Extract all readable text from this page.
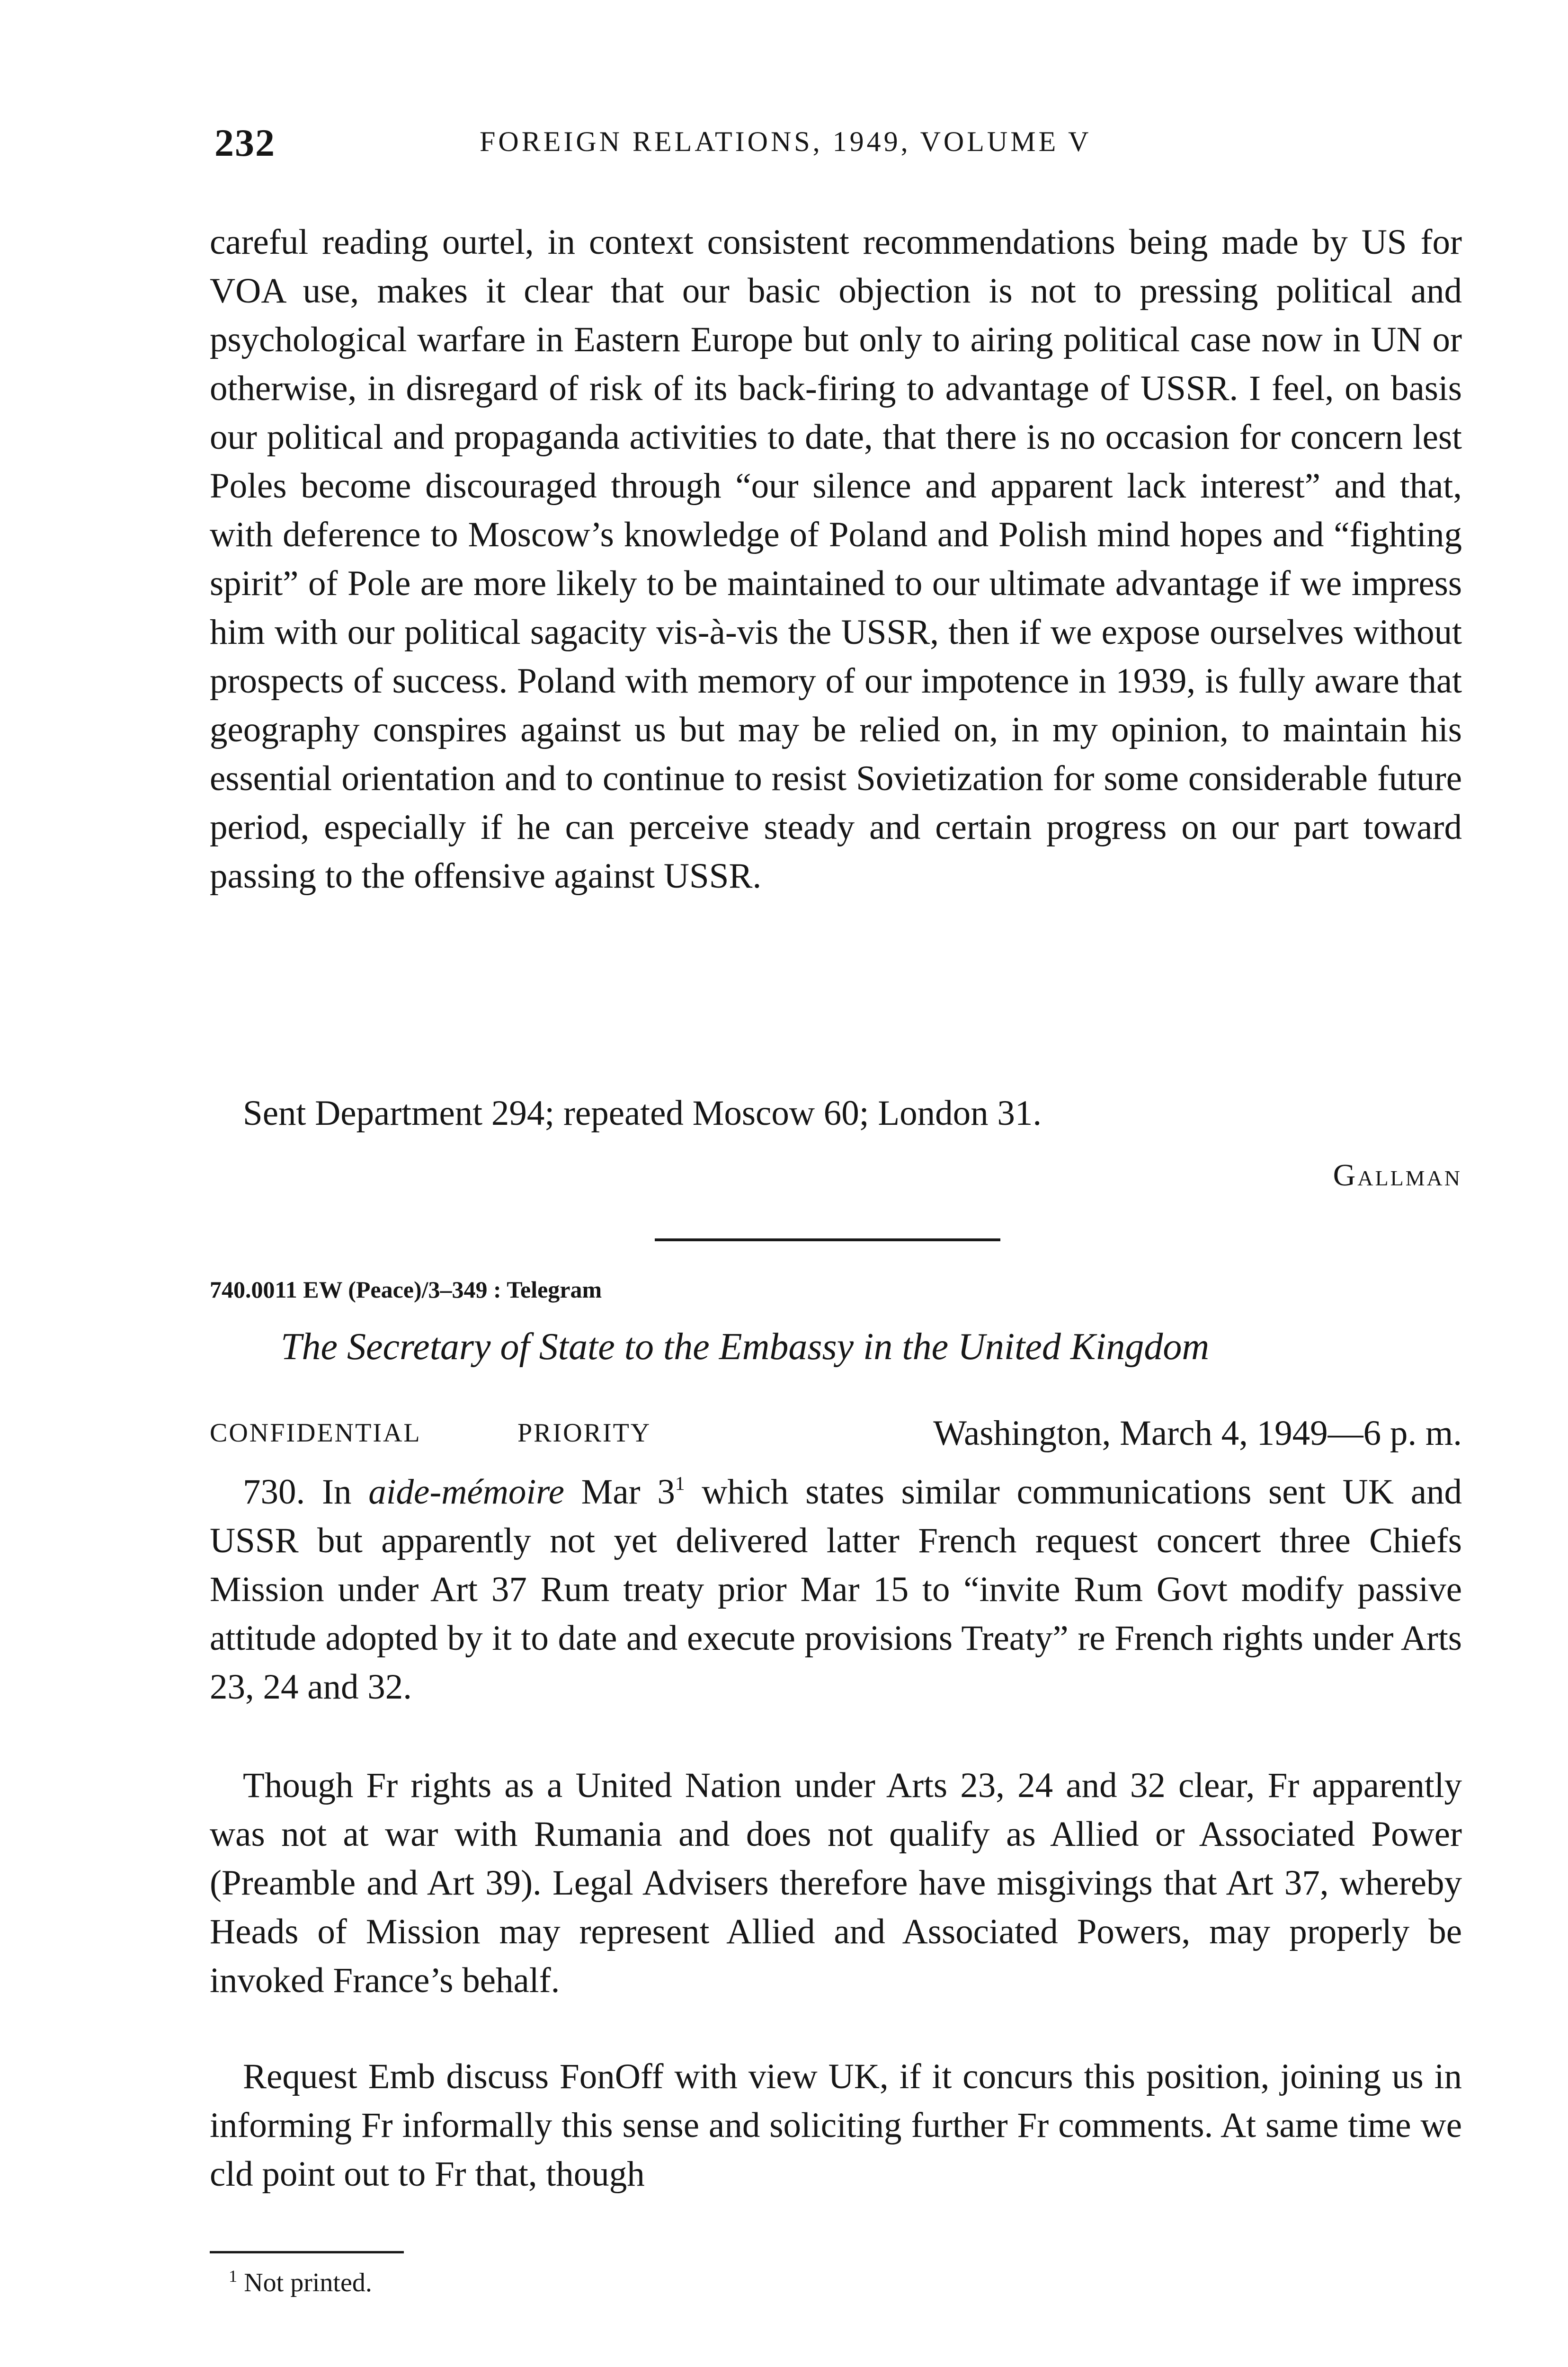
232	FOREIGN RELATIONS, 1949, VOLUME V

careful reading ourtel, in context consistent recommendations being made by US for VOA use, makes it clear that our basic objection is not to pressing political and psychological warfare in Eastern Europe but only to airing political case now in UN or otherwise, in disregard of risk of its back-firing to advantage of USSR. I feel, on basis our political and propaganda activities to date, that there is no occasion for concern lest Poles become discouraged through “our silence and apparent lack interest” and that, with deference to Moscow’s knowledge of Poland and Polish mind hopes and “fighting spirit” of Pole are more likely to be maintained to our ultimate advantage if we impress him with our political sagacity vis-à-vis the USSR, then if we expose ourselves without prospects of success. Poland with memory of our impotence in 1939, is fully aware that geography conspires against us but may be relied on, in my opinion, to maintain his essential orientation and to continue to resist Sovietization for some considerable future period, especially if he can perceive steady and certain progress on our part toward passing to the offensive against USSR.

Sent Department 294; repeated Moscow 60; London 31.
Gallman
740.0011 EW (Peace)/3–349 : Telegram
The Secretary of State to the Embassy in the United Kingdom
CONFIDENTIAL	PRIORITY	Washington, March 4, 1949—6 p. m.

730. In aide-mémoire Mar $3^1$ which states similar communications sent UK and USSR but apparently not yet delivered latter French request concert three Chiefs Mission under Art 37 Rum treaty prior Mar 15 to “invite Rum Govt modify passive attitude adopted by it to date and execute provisions Treaty” re French rights under Arts 23, 24 and 32.

Though Fr rights as a United Nation under Arts 23, 24 and 32 clear, Fr apparently was not at war with Rumania and does not qualify as Allied or Associated Power (Preamble and Art 39). Legal Advisers therefore have misgivings that Art 37, whereby Heads of Mission may represent Allied and Associated Powers, may properly be invoked France’s behalf.

Request Emb discuss FonOff with view UK, if it concurs this position, joining us in informing Fr informally this sense and soliciting further Fr comments. At same time we cld point out to Fr that, though

$^1$ Not printed.
